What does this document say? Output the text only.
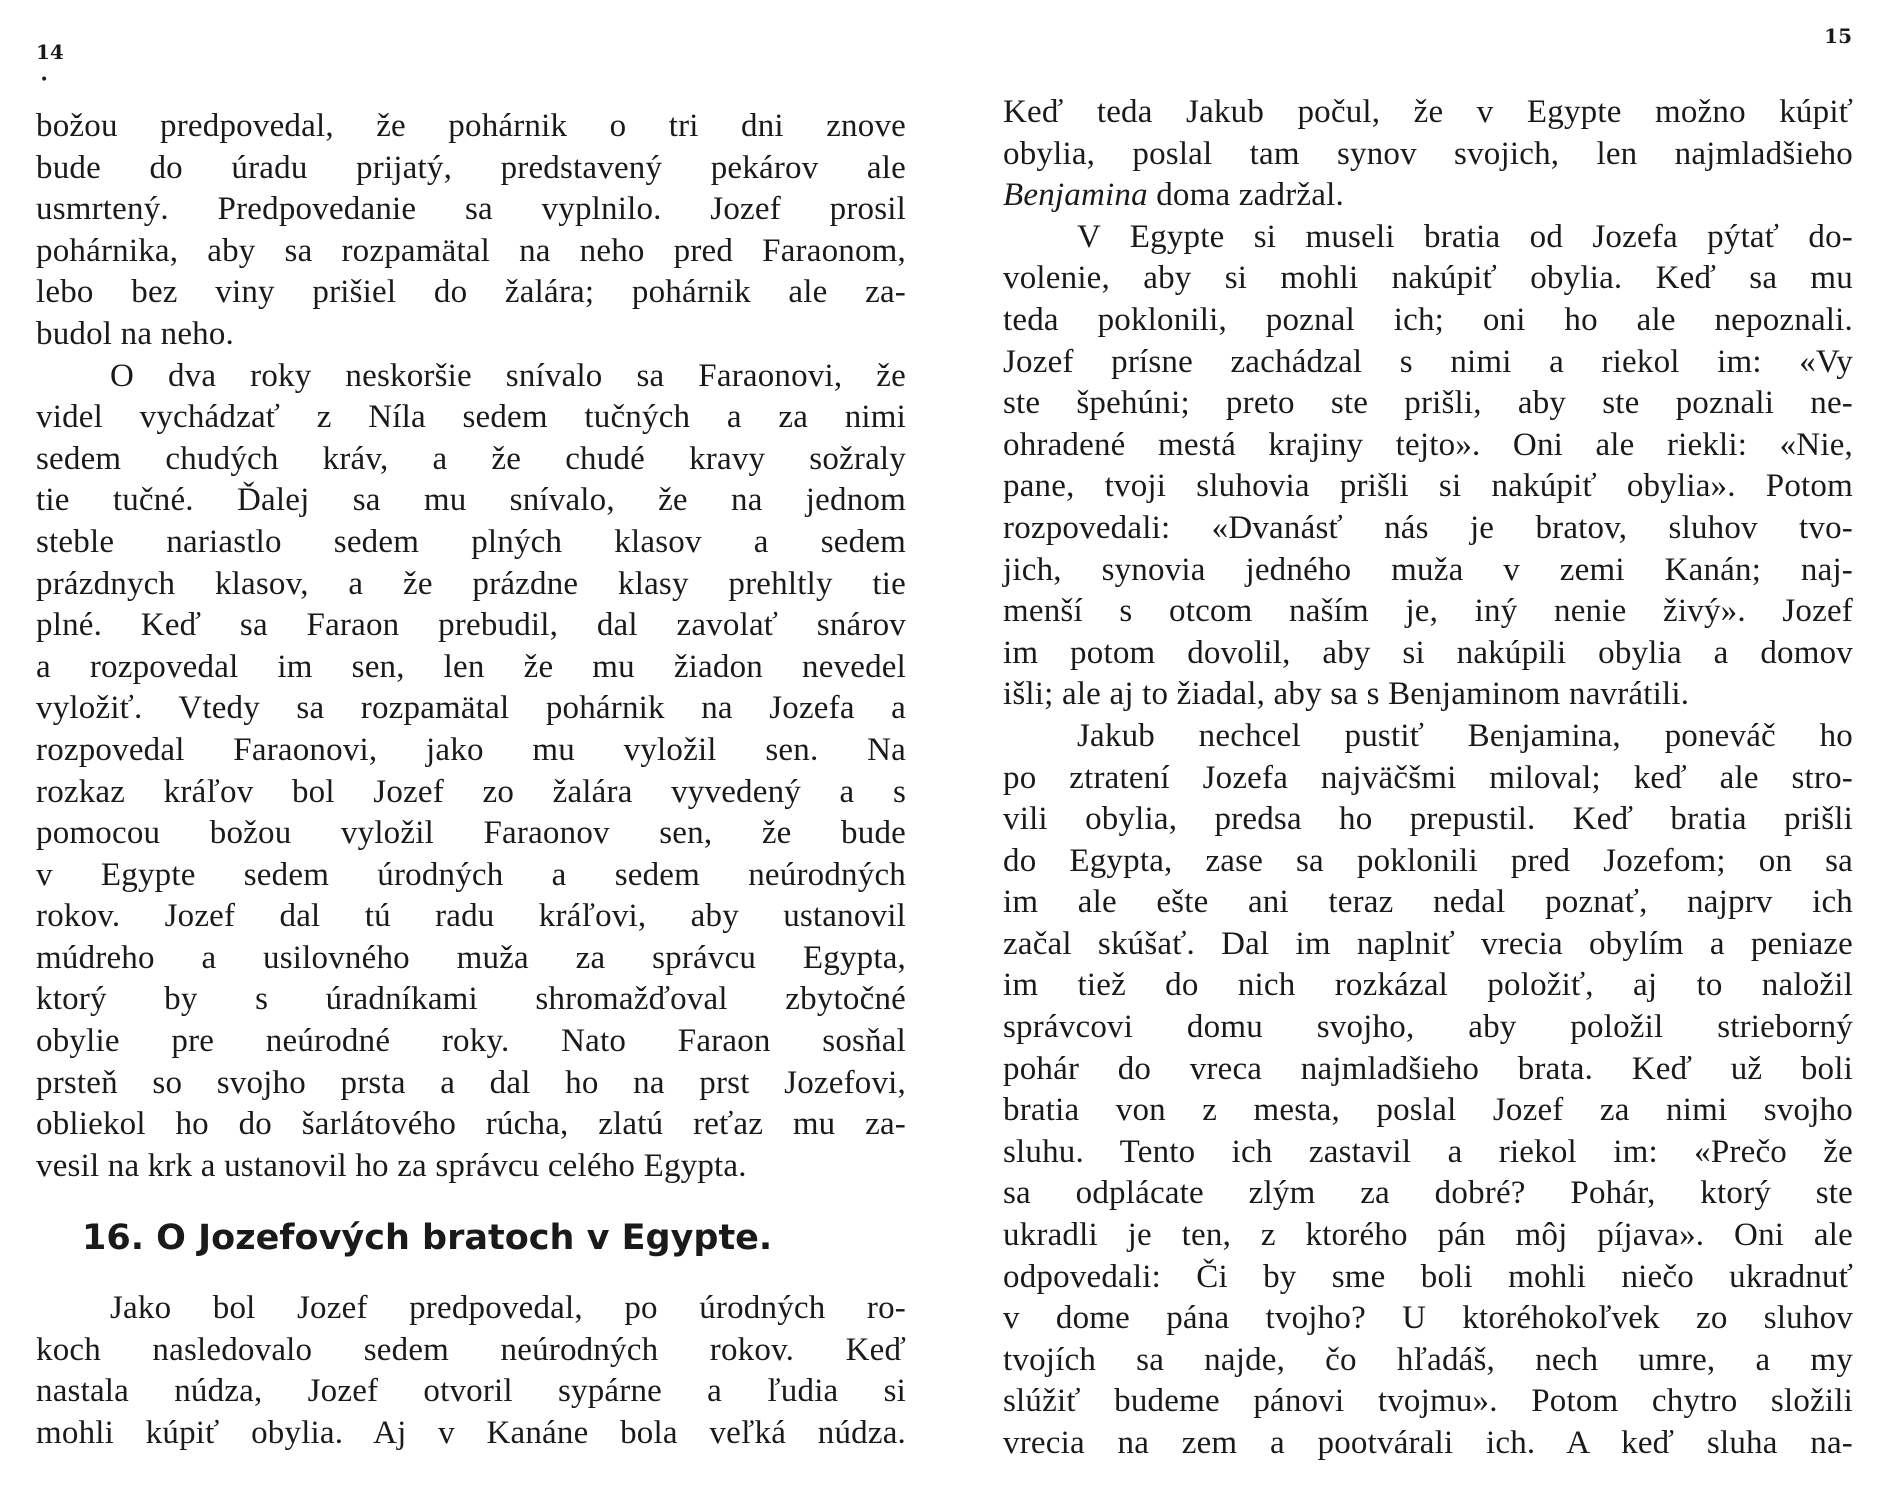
14
•
božou predpovedal, že pohárnik o tri dni znove
bude do úradu prijatý, predstavený pekárov ale
usmrtený. Predpovedanie sa vyplnilo. Jozef prosil
pohárnika, aby sa rozpamätal na neho pred Faraonom,
lebo bez viny prišiel do žalára; pohárnik ale za-
budol na neho.
O dva roky neskoršie snívalo sa Faraonovi, že
videl vychádzať z Níla sedem tučných a za nimi
sedem chudých kráv, a že chudé kravy sožraly
tie tučné. Ďalej sa mu snívalo, že na jednom
steble nariastlo sedem plných klasov a sedem
prázdnych klasov, a že prázdne klasy prehltly tie
plné. Keď sa Faraon prebudil, dal zavolať snárov
a rozpovedal im sen, len že mu žiadon nevedel
vyložiť. Vtedy sa rozpamätal pohárnik na Jozefa a
rozpovedal Faraonovi, jako mu vyložil sen. Na
rozkaz kráľov bol Jozef zo žalára vyvedený a s
pomocou božou vyložil Faraonov sen, že bude
v Egypte sedem úrodných a sedem neúrodných
rokov. Jozef dal tú radu kráľovi, aby ustanovil
múdreho a usilovného muža za správcu Egypta,
ktorý by s úradníkami shromažďoval zbytočné
obylie pre neúrodné roky. Nato Faraon sosňal
prsteň so svojho prsta a dal ho na prst Jozefovi,
obliekol ho do šarlátového rúcha, zlatú reťaz mu za-
vesil na krk a ustanovil ho za správcu celého Egypta.
16. O Jozefových bratoch v Egypte.
Jako bol Jozef predpovedal, po úrodných ro-
koch nasledovalo sedem neúrodných rokov. Keď
nastala núdza, Jozef otvoril sypárne a ľudia si
mohli kúpiť obylia. Aj v Kanáne bola veľká núdza.
15
Keď teda Jakub počul, že v Egypte možno kúpiť
obylia, poslal tam synov svojich, len najmladšieho
Benjamina doma zadržal.
V Egypte si museli bratia od Jozefa pýtať do-
volenie, aby si mohli nakúpiť obylia. Keď sa mu
teda poklonili, poznal ich; oni ho ale nepoznali.
Jozef prísne zachádzal s nimi a riekol im: «Vy
ste špehúni; preto ste prišli, aby ste poznali ne-
ohradené mestá krajiny tejto». Oni ale riekli: «Nie,
pane, tvoji sluhovia prišli si nakúpiť obylia». Potom
rozpovedali: «Dvanásť nás je bratov, sluhov tvo-
jich, synovia jedného muža v zemi Kanán; naj-
menší s otcom naším je, iný nenie živý». Jozef
im potom dovolil, aby si nakúpili obylia a domov
išli; ale aj to žiadal, aby sa s Benjaminom navrátili.
Jakub nechcel pustiť Benjamina, poneváč ho
po ztratení Jozefa najväčšmi miloval; keď ale stro-
vili obylia, predsa ho prepustil. Keď bratia prišli
do Egypta, zase sa poklonili pred Jozefom; on sa
im ale ešte ani teraz nedal poznať, najprv ich
začal skúšať. Dal im naplniť vrecia obylím a peniaze
im tiež do nich rozkázal položiť, aj to naložil
správcovi domu svojho, aby položil strieborný
pohár do vreca najmladšieho brata. Keď už boli
bratia von z mesta, poslal Jozef za nimi svojho
sluhu. Tento ich zastavil a riekol im: «Prečo že
sa odplácate zlým za dobré? Pohár, ktorý ste
ukradli je ten, z ktorého pán môj píjava». Oni ale
odpovedali: Či by sme boli mohli niečo ukradnuť
v dome pána tvojho? U ktoréhokoľvek zo sluhov
tvojích sa najde, čo hľadáš, nech umre, a my
slúžiť budeme pánovi tvojmu». Potom chytro složili
vrecia na zem a pootvárali ich. A keď sluha na-
